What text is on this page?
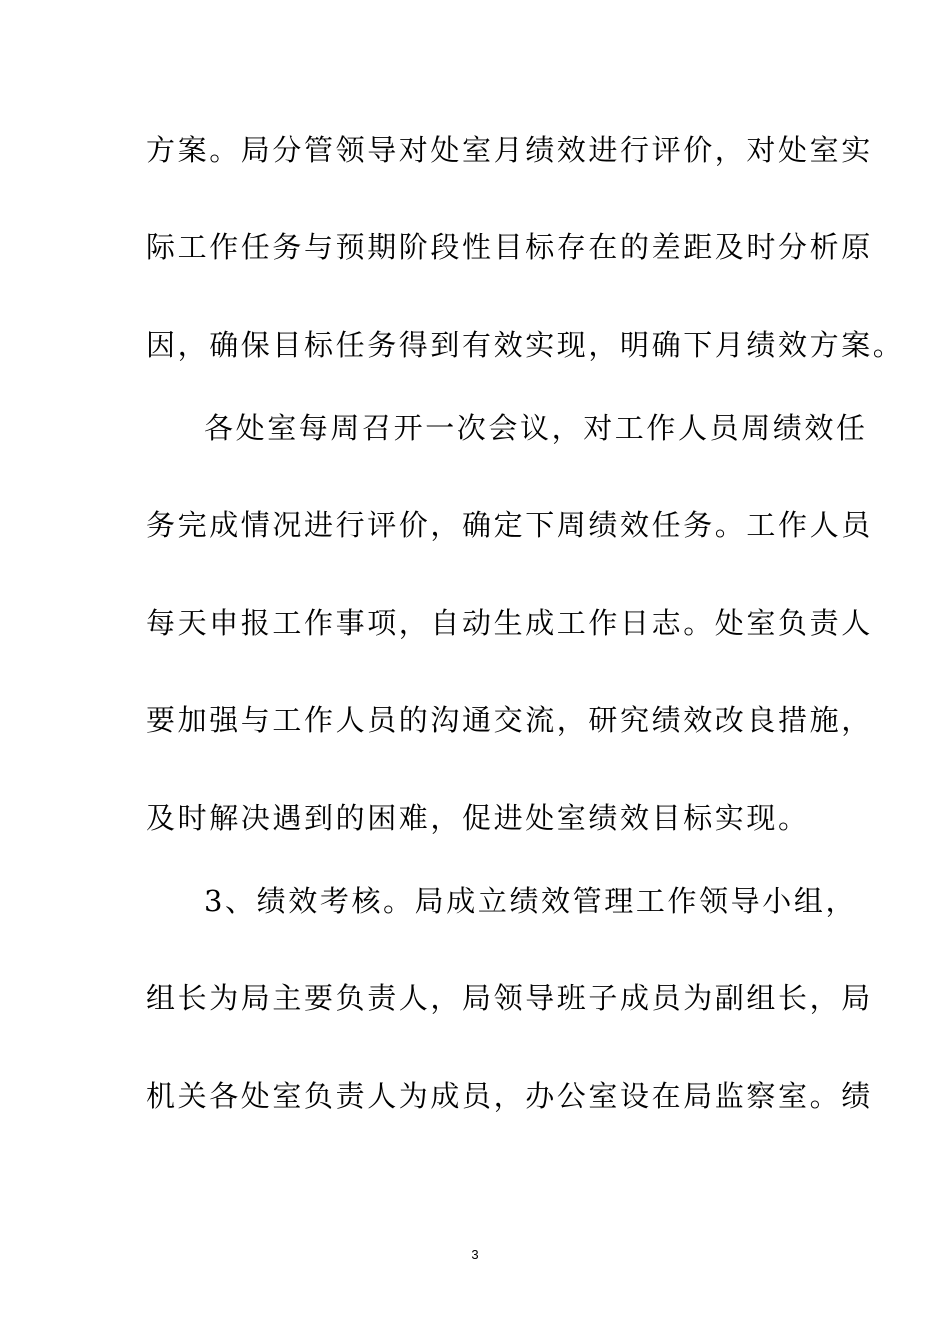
方案。局分管领导对处室月绩效进行评价，对处室实
际工作任务与预期阶段性目标存在的差距及时分析原
因，确保目标任务得到有效实现，明确下月绩效方案。
各处室每周召开一次会议，对工作人员周绩效任
务完成情况进行评价，确定下周绩效任务。工作人员
每天申报工作事项，自动生成工作日志。处室负责人
要加强与工作人员的沟通交流，研究绩效改良措施，
及时解决遇到的困难，促进处室绩效目标实现。
3、绩效考核。局成立绩效管理工作领导小组，
组长为局主要负责人，局领导班子成员为副组长，局
机关各处室负责人为成员，办公室设在局监察室。绩
3
